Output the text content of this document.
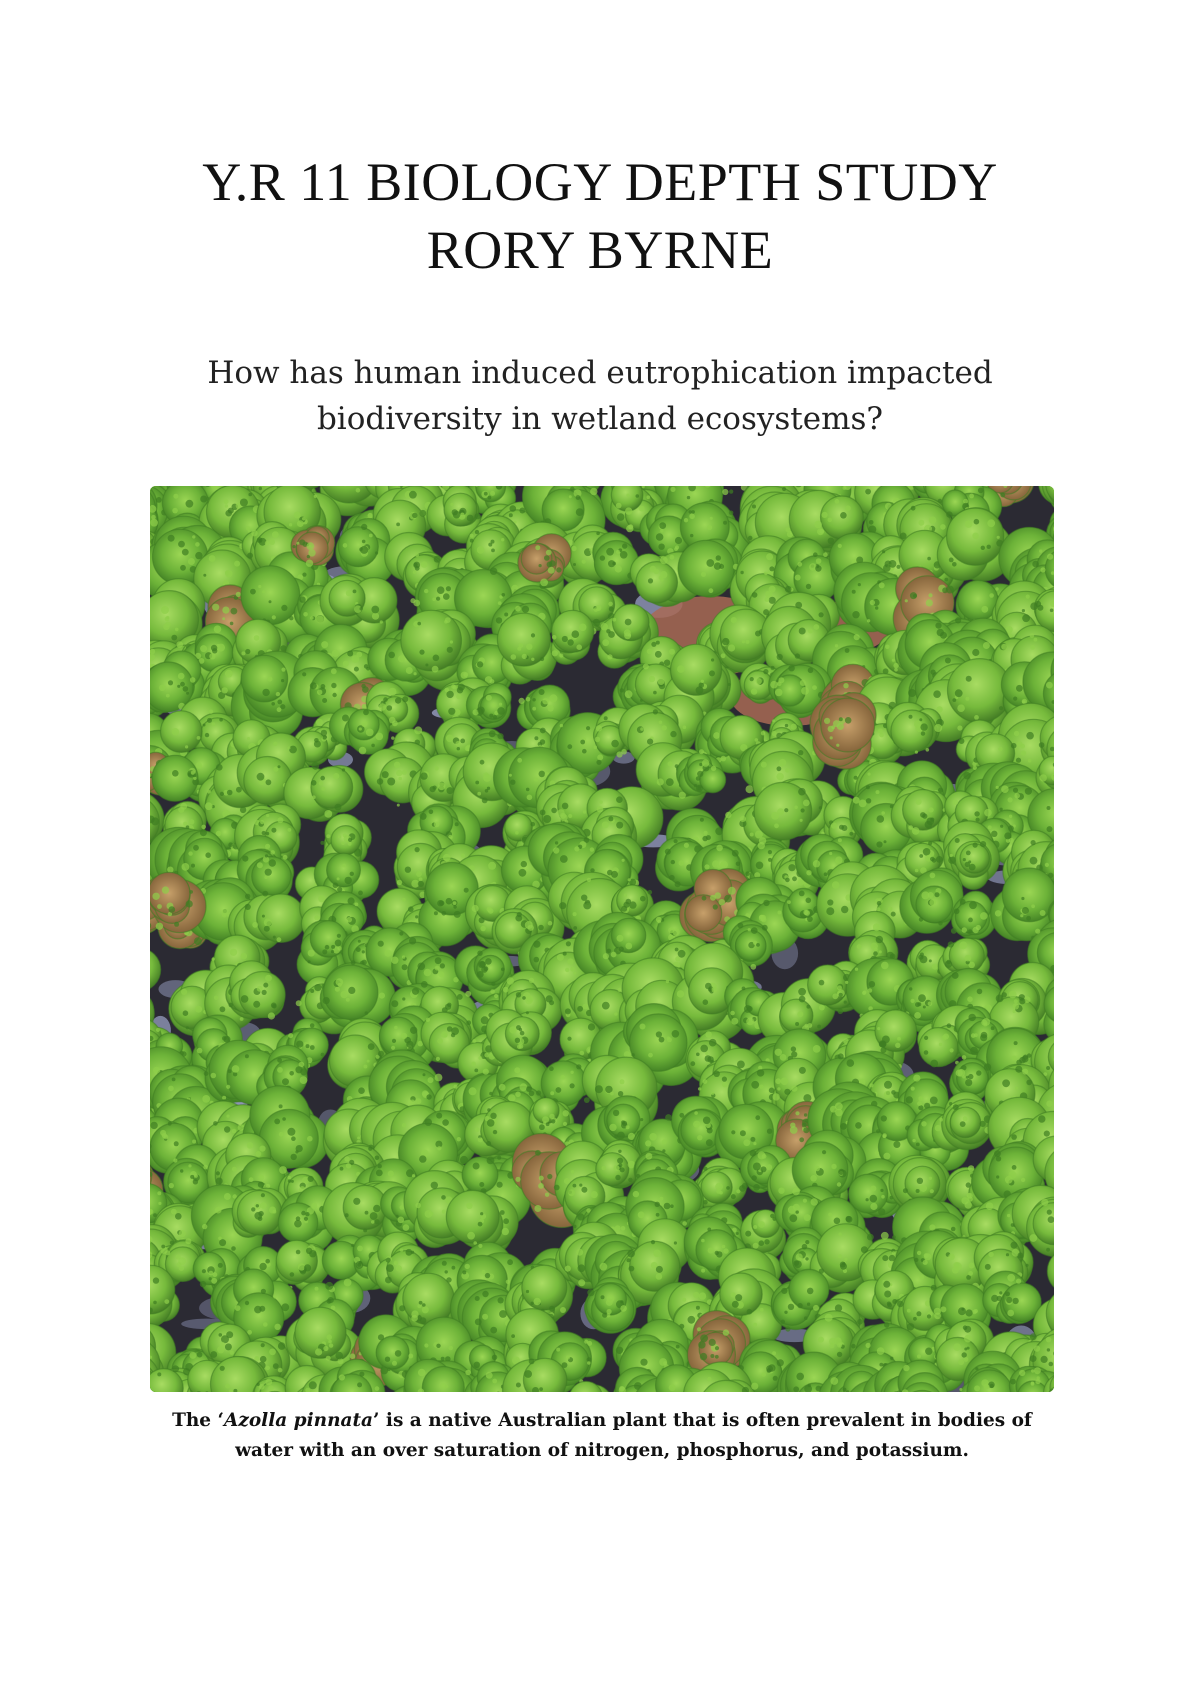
Y.R 11 BIOLOGY DEPTH STUDY
RORY BYRNE
How has human induced eutrophication impacted
biodiversity in wetland ecosystems?

The ‘Azolla pinnata’ is a native Australian plant that is often prevalent in bodies of water with an over saturation of nitrogen, phosphorus, and potassium.
